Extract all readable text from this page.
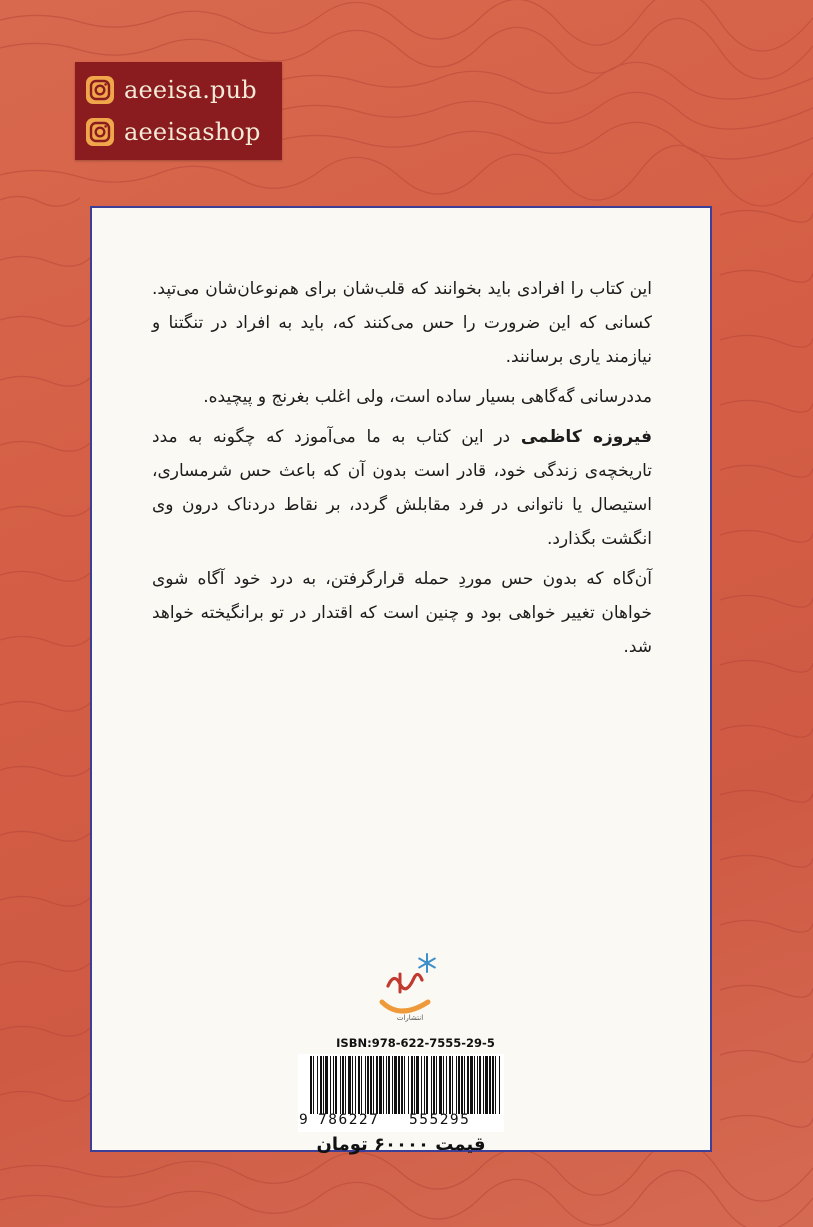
aeeisa.pub
aeeisashop

این کتاب را افرادی باید بخوانند که قلب‌شان برای هم‌نوعان‌شان می‌تپد. کسانی که این ضرورت را حس می‌کنند که، باید به افراد در تنگتنا و نیازمند یاری برسانند.

مددرسانی گه‌گاهی بسیار ساده است، ولی اغلب بغرنج و پیچیده.

فیروزه کاظمی در این کتاب به ما می‌آموزد که چگونه به مدد تاریخچه‌ی زندگی خود، قادر است بدون آن که باعث حس شرمساری، استیصال یا ناتوانی در فرد مقابلش گردد، بر نقاط دردناک درون وی انگشت بگذارد.

آن‌گاه که بدون حس موردِ حمله قرارگرفتن، به درد خود آگاه شوی خواهان تغییر خواهی بود و چنین است که اقتدار در تو برانگیخته خواهد شد.

انتشارات
ISBN:978-622-7555-29-5
9 786227 555295
قیمت ۶۰۰۰۰ تومان
